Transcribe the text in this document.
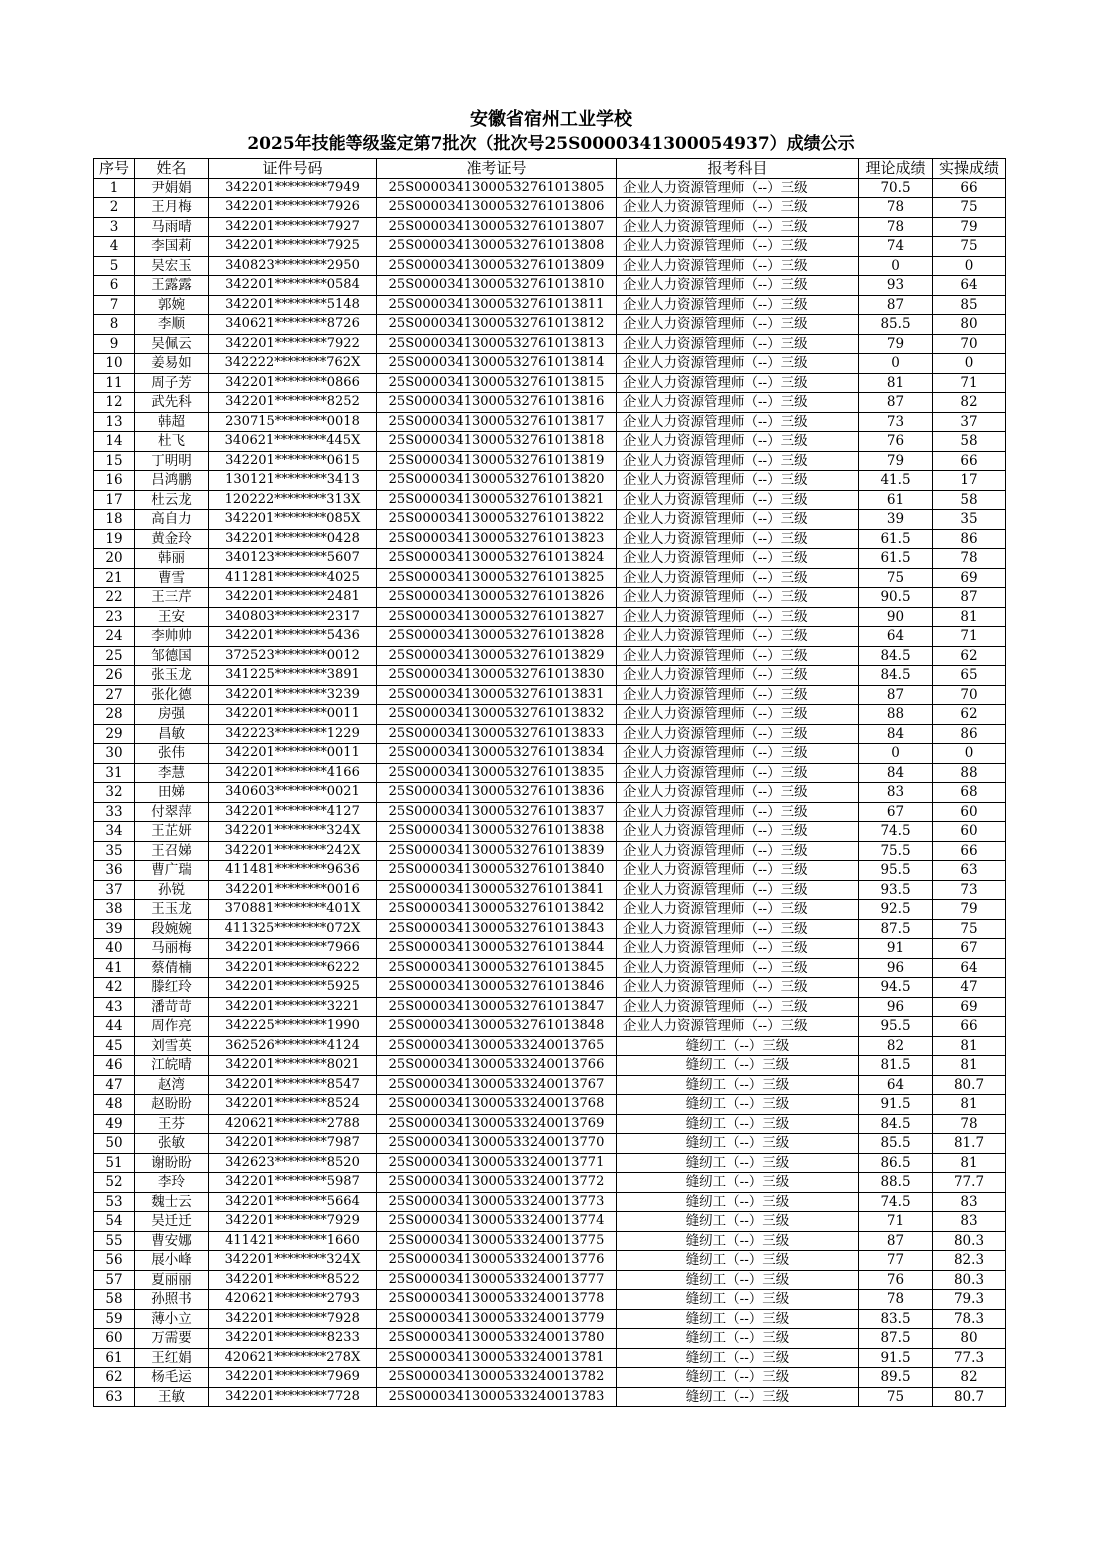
安徽省宿州工业学校
2025年技能等级鉴定第7批次（批次号25S0000341300054937）成绩公示
序号	姓名	证件号码	准考证号	报考科目	理论成绩	实操成绩
1	尹娟娟	342201********7949	25S00003413000532761013805	企业人力资源管理师（--）三级	70.5	66
2	王月梅	342201********7926	25S00003413000532761013806	企业人力资源管理师（--）三级	78	75
3	马雨晴	342201********7927	25S00003413000532761013807	企业人力资源管理师（--）三级	78	79
4	李国莉	342201********7925	25S00003413000532761013808	企业人力资源管理师（--）三级	74	75
5	吴宏玉	340823********2950	25S00003413000532761013809	企业人力资源管理师（--）三级	0	0
6	王露露	342201********0584	25S00003413000532761013810	企业人力资源管理师（--）三级	93	64
7	郭婉	342201********5148	25S00003413000532761013811	企业人力资源管理师（--）三级	87	85
8	李顺	340621********8726	25S00003413000532761013812	企业人力资源管理师（--）三级	85.5	80
9	吴佩云	342201********7922	25S00003413000532761013813	企业人力资源管理师（--）三级	79	70
10	姜易如	342222********762X	25S00003413000532761013814	企业人力资源管理师（--）三级	0	0
11	周子芳	342201********0866	25S00003413000532761013815	企业人力资源管理师（--）三级	81	71
12	武先科	342201********8252	25S00003413000532761013816	企业人力资源管理师（--）三级	87	82
13	韩超	230715********0018	25S00003413000532761013817	企业人力资源管理师（--）三级	73	37
14	杜飞	340621********445X	25S00003413000532761013818	企业人力资源管理师（--）三级	76	58
15	丁明明	342201********0615	25S00003413000532761013819	企业人力资源管理师（--）三级	79	66
16	吕鸿鹏	130121********3413	25S00003413000532761013820	企业人力资源管理师（--）三级	41.5	17
17	杜云龙	120222********313X	25S00003413000532761013821	企业人力资源管理师（--）三级	61	58
18	高自力	342201********085X	25S00003413000532761013822	企业人力资源管理师（--）三级	39	35
19	黄金玲	342201********0428	25S00003413000532761013823	企业人力资源管理师（--）三级	61.5	86
20	韩丽	340123********5607	25S00003413000532761013824	企业人力资源管理师（--）三级	61.5	78
21	曹雪	411281********4025	25S00003413000532761013825	企业人力资源管理师（--）三级	75	69
22	王三芹	342201********2481	25S00003413000532761013826	企业人力资源管理师（--）三级	90.5	87
23	王安	340803********2317	25S00003413000532761013827	企业人力资源管理师（--）三级	90	81
24	李帅帅	342201********5436	25S00003413000532761013828	企业人力资源管理师（--）三级	64	71
25	邹德国	372523********0012	25S00003413000532761013829	企业人力资源管理师（--）三级	84.5	62
26	张玉龙	341225********3891	25S00003413000532761013830	企业人力资源管理师（--）三级	84.5	65
27	张化德	342201********3239	25S00003413000532761013831	企业人力资源管理师（--）三级	87	70
28	房强	342201********0011	25S00003413000532761013832	企业人力资源管理师（--）三级	88	62
29	昌敏	342223********1229	25S00003413000532761013833	企业人力资源管理师（--）三级	84	86
30	张伟	342201********0011	25S00003413000532761013834	企业人力资源管理师（--）三级	0	0
31	李慧	342201********4166	25S00003413000532761013835	企业人力资源管理师（--）三级	84	88
32	田娣	340603********0021	25S00003413000532761013836	企业人力资源管理师（--）三级	83	68
33	付翠萍	342201********4127	25S00003413000532761013837	企业人力资源管理师（--）三级	67	60
34	王芷妍	342201********324X	25S00003413000532761013838	企业人力资源管理师（--）三级	74.5	60
35	王召娣	342201********242X	25S00003413000532761013839	企业人力资源管理师（--）三级	75.5	66
36	曹广瑞	411481********9636	25S00003413000532761013840	企业人力资源管理师（--）三级	95.5	63
37	孙锐	342201********0016	25S00003413000532761013841	企业人力资源管理师（--）三级	93.5	73
38	王玉龙	370881********401X	25S00003413000532761013842	企业人力资源管理师（--）三级	92.5	79
39	段婉婉	411325********072X	25S00003413000532761013843	企业人力资源管理师（--）三级	87.5	75
40	马丽梅	342201********7966	25S00003413000532761013844	企业人力资源管理师（--）三级	91	67
41	蔡倩楠	342201********6222	25S00003413000532761013845	企业人力资源管理师（--）三级	96	64
42	滕红玲	342201********5925	25S00003413000532761013846	企业人力资源管理师（--）三级	94.5	47
43	潘苛苛	342201********3221	25S00003413000532761013847	企业人力资源管理师（--）三级	96	69
44	周作亮	342225********1990	25S00003413000532761013848	企业人力资源管理师（--）三级	95.5	66
45	刘雪英	362526********4124	25S00003413000533240013765	缝纫工（--）三级	82	81
46	江皖晴	342201********8021	25S00003413000533240013766	缝纫工（--）三级	81.5	81
47	赵湾	342201********8547	25S00003413000533240013767	缝纫工（--）三级	64	80.7
48	赵盼盼	342201********8524	25S00003413000533240013768	缝纫工（--）三级	91.5	81
49	王芬	420621********2788	25S00003413000533240013769	缝纫工（--）三级	84.5	78
50	张敏	342201********7987	25S00003413000533240013770	缝纫工（--）三级	85.5	81.7
51	谢盼盼	342623********8520	25S00003413000533240013771	缝纫工（--）三级	86.5	81
52	李玲	342201********5987	25S00003413000533240013772	缝纫工（--）三级	88.5	77.7
53	魏士云	342201********5664	25S00003413000533240013773	缝纫工（--）三级	74.5	83
54	吴迁迁	342201********7929	25S00003413000533240013774	缝纫工（--）三级	71	83
55	曹安娜	411421********1660	25S00003413000533240013775	缝纫工（--）三级	87	80.3
56	展小峰	342201********324X	25S00003413000533240013776	缝纫工（--）三级	77	82.3
57	夏丽丽	342201********8522	25S00003413000533240013777	缝纫工（--）三级	76	80.3
58	孙照书	420621********2793	25S00003413000533240013778	缝纫工（--）三级	78	79.3
59	薄小立	342201********7928	25S00003413000533240013779	缝纫工（--）三级	83.5	78.3
60	万需要	342201********8233	25S00003413000533240013780	缝纫工（--）三级	87.5	80
61	王红娟	420621********278X	25S00003413000533240013781	缝纫工（--）三级	91.5	77.3
62	杨毛运	342201********7969	25S00003413000533240013782	缝纫工（--）三级	89.5	82
63	王敏	342201********7728	25S00003413000533240013783	缝纫工（--）三级	75	80.7
